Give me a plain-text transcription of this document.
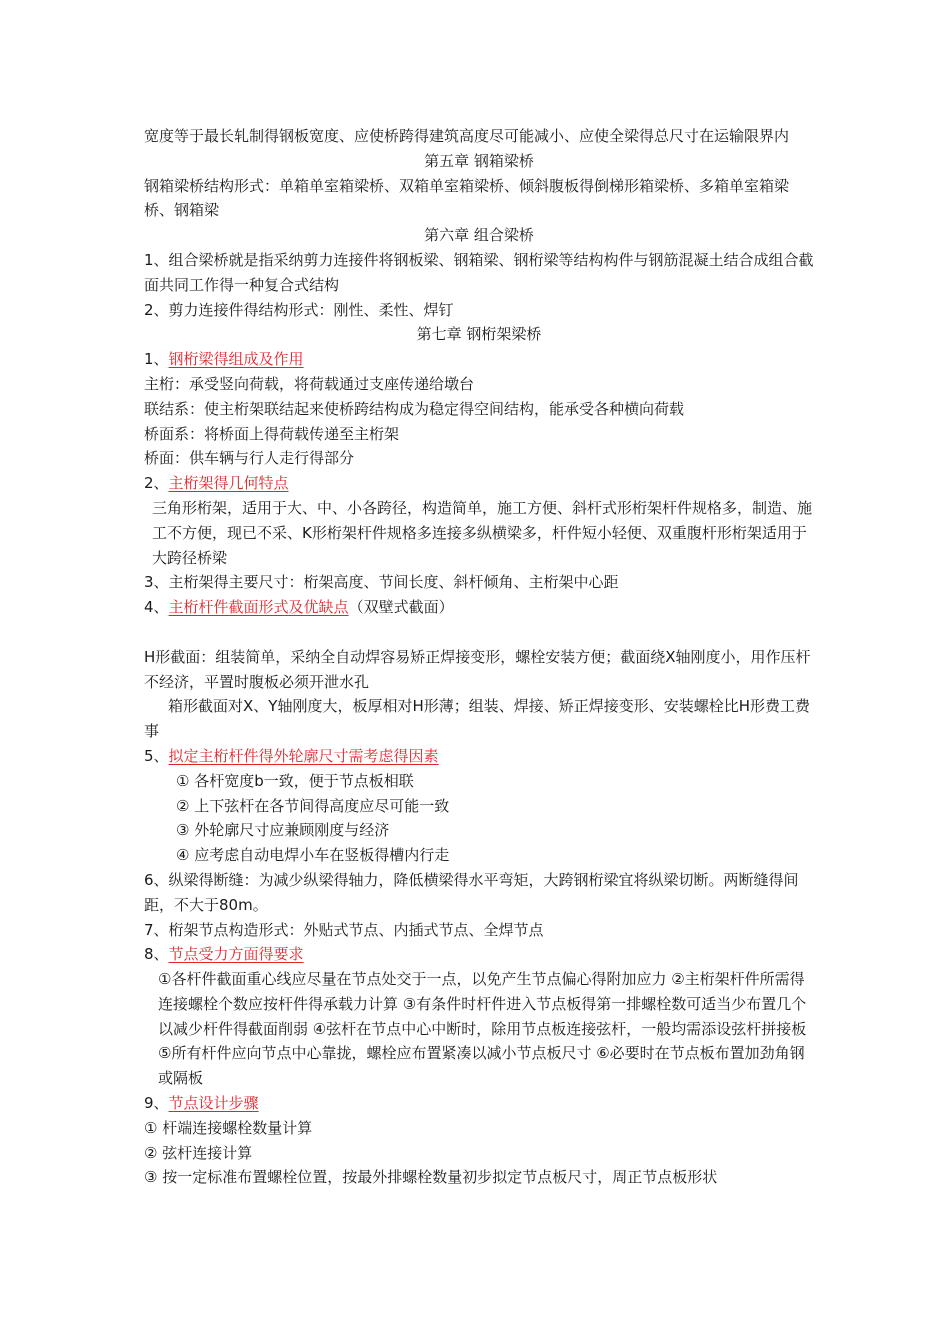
宽度等于最长轧制得钢板宽度、应使桥跨得建筑高度尽可能减小、应使全梁得总尺寸在运输限界内

第五章 钢箱梁桥

钢箱梁桥结构形式：单箱单室箱梁桥、双箱单室箱梁桥、倾斜腹板得倒梯形箱梁桥、多箱单室箱梁桥、钢箱梁

第六章 组合梁桥

1、组合梁桥就是指采纳剪力连接件将钢板梁、钢箱梁、钢桁梁等结构构件与钢筋混凝土结合成组合截面共同工作得一种复合式结构

2、剪力连接件得结构形式：刚性、柔性、焊钉

第七章 钢桁架梁桥

1、钢桁梁得组成及作用

主桁：承受竖向荷载，将荷载通过支座传递给墩台

联结系：使主桁架联结起来使桥跨结构成为稳定得空间结构，能承受各种横向荷载

桥面系：将桥面上得荷载传递至主桁架

桥面：供车辆与行人走行得部分

2、主桁架得几何特点

三角形桁架，适用于大、中、小各跨径，构造简单，施工方便、斜杆式形桁架杆件规格多，制造、施工不方便，现已不采、K形桁架杆件规格多连接多纵横梁多，杆件短小轻便、双重腹杆形桁架适用于大跨径桥梁

3、主桁架得主要尺寸：桁架高度、节间长度、斜杆倾角、主桁架中心距

4、主桁杆件截面形式及优缺点（双壁式截面）

H形截面：组装简单，采纳全自动焊容易矫正焊接变形，螺栓安装方便；截面绕X轴刚度小，用作压杆不经济，平置时腹板必须开泄水孔

箱形截面对X、Y轴刚度大，板厚相对H形薄；组装、焊接、矫正焊接变形、安装螺栓比H形费工费事

5、拟定主桁杆件得外轮廓尺寸需考虑得因素

① 各杆宽度b一致，便于节点板相联

② 上下弦杆在各节间得高度应尽可能一致

③ 外轮廓尺寸应兼顾刚度与经济

④ 应考虑自动电焊小车在竖板得槽内行走

6、纵梁得断缝：为减少纵梁得轴力，降低横梁得水平弯矩，大跨钢桁梁宜将纵梁切断。两断缝得间距，不大于80m。

7、桁架节点构造形式：外贴式节点、内插式节点、全焊节点

8、节点受力方面得要求

①各杆件截面重心线应尽量在节点处交于一点，以免产生节点偏心得附加应力 ②主桁架杆件所需得连接螺栓个数应按杆件得承载力计算 ③有条件时杆件进入节点板得第一排螺栓数可适当少布置几个以减少杆件得截面削弱 ④弦杆在节点中心中断时，除用节点板连接弦杆，一般均需添设弦杆拼接板 ⑤所有杆件应向节点中心靠拢，螺栓应布置紧凑以减小节点板尺寸 ⑥必要时在节点板布置加劲角钢或隔板

9、节点设计步骤

① 杆端连接螺栓数量计算

② 弦杆连接计算

③ 按一定标准布置螺栓位置，按最外排螺栓数量初步拟定节点板尺寸，周正节点板形状
